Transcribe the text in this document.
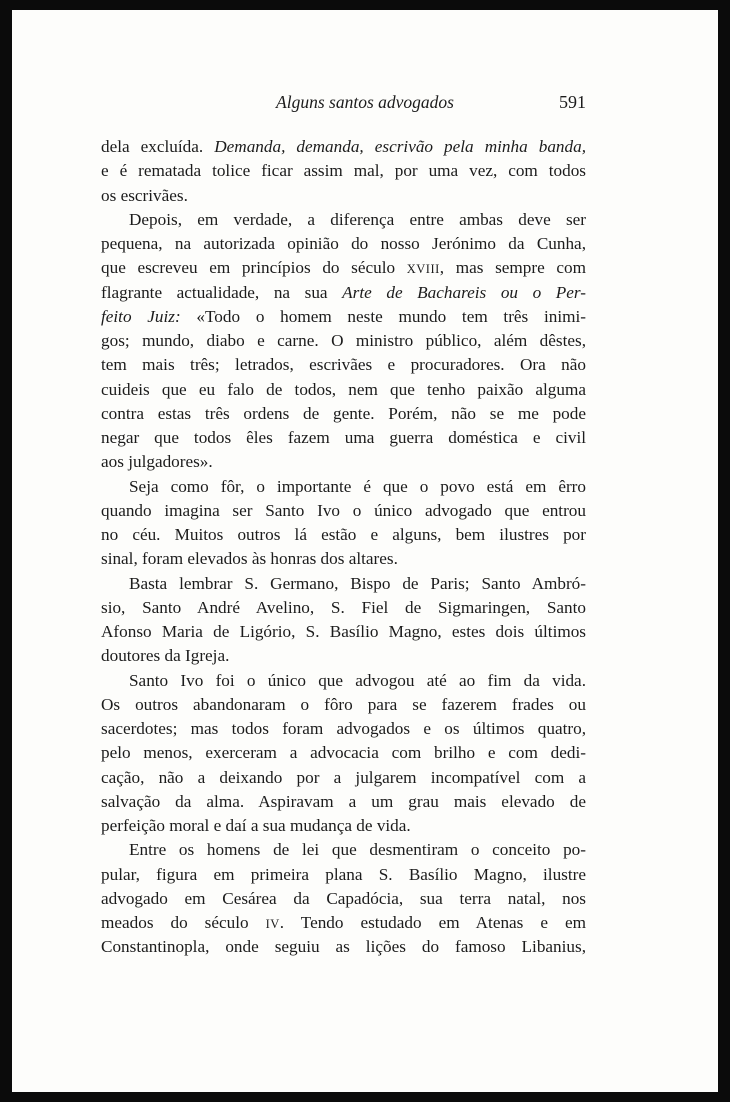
Alguns santos advogados	591
dela excluída. Demanda, demanda, escrivão pela minha banda,
e é rematada tolice ficar assim mal, por uma vez, com todos
os escrivães.
Depois, em verdade, a diferença entre ambas deve ser
pequena, na autorizada opinião do nosso Jerónimo da Cunha,
que escreveu em princípios do século XVIII, mas sempre com
flagrante actualidade, na sua Arte de Bachareis ou o Per-
feito Juiz: «Todo o homem neste mundo tem três inimi-
gos; mundo, diabo e carne. O ministro público, além dêstes,
tem mais três; letrados, escrivães e procuradores. Ora não
cuideis que eu falo de todos, nem que tenho paixão alguma
contra estas três ordens de gente. Porém, não se me pode
negar que todos êles fazem uma guerra doméstica e civil
aos julgadores».
Seja como fôr, o importante é que o povo está em êrro
quando imagina ser Santo Ivo o único advogado que entrou
no céu. Muitos outros lá estão e alguns, bem ilustres por
sinal, foram elevados às honras dos altares.
Basta lembrar S. Germano, Bispo de Paris; Santo Ambró-
sio, Santo André Avelino, S. Fiel de Sigmaringen, Santo
Afonso Maria de Ligório, S. Basílio Magno, estes dois últimos
doutores da Igreja.
Santo Ivo foi o único que advogou até ao fim da vida.
Os outros abandonaram o fôro para se fazerem frades ou
sacerdotes; mas todos foram advogados e os últimos quatro,
pelo menos, exerceram a advocacia com brilho e com dedi-
cação, não a deixando por a julgarem incompatível com a
salvação da alma. Aspiravam a um grau mais elevado de
perfeição moral e daí a sua mudança de vida.
Entre os homens de lei que desmentiram o conceito po-
pular, figura em primeira plana S. Basílio Magno, ilustre
advogado em Cesárea da Capadócia, sua terra natal, nos
meados do século IV. Tendo estudado em Atenas e em
Constantinopla, onde seguiu as lições do famoso Libanius,
